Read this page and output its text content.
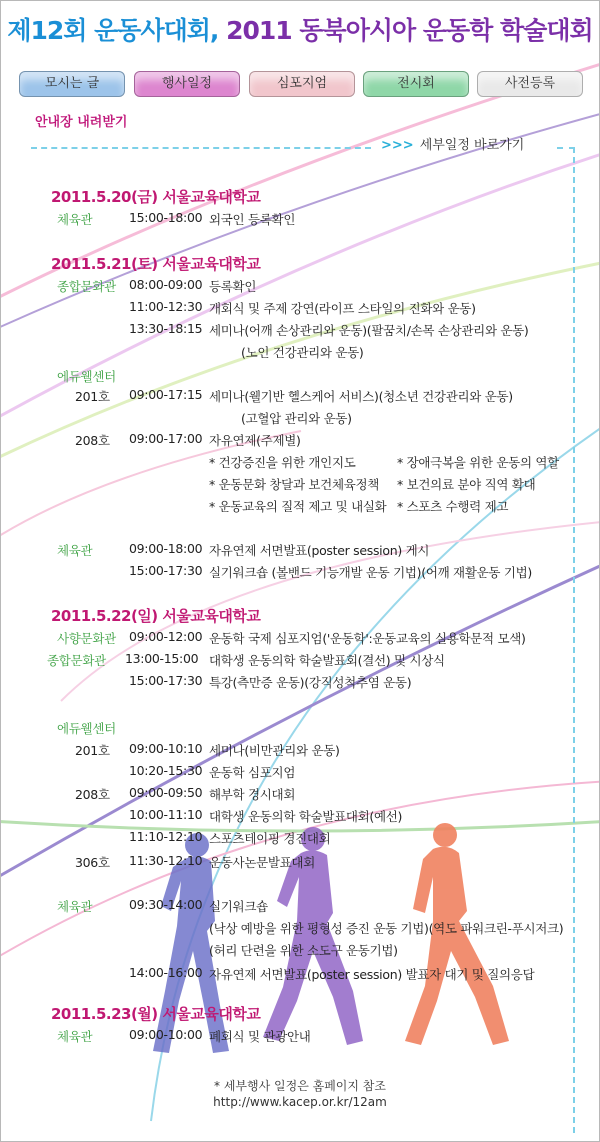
제12회 운동사대회, 2011 동북아시아 운동학 학술대회
모시는 글	행사일정	심포지엄	전시회	사전등록
안내장 내려받기
>>> 세부일정 바로가기
2011.5.20(금) 서울교육대학교
체육관	15:00-18:00 외국인 등록확인
2011.5.21(토) 서울교육대학교
종합문화관 08:00-09:00 등록확인
11:00-12:30 개회식 및 주제 강연(라이프 스타일의 진화와 운동)
13:30-18:15 세미나(어깨 손상관리와 운동)(팔꿈치/손목 손상관리와 운동)
(노인 건강관리와 운동)
에듀웰센터
201호 09:00-17:15 세미나(웰기반 헬스케어 서비스)(청소년 건강관리와 운동)
(고혈압 관리와 운동)
208호 09:00-17:00 자유연제(주제별)
* 건강증진을 위한 개인지도	* 장애극복을 위한 운동의 역할
* 운동문화 창달과 보건체육정책 * 보건의료 분야 직역 확대
* 운동교육의 질적 제고 및 내실화 * 스포츠 수행력 제고
체육관	09:00-18:00 자유연제 서면발표(poster session) 게시
15:00-17:30 실기워크숍 (볼밴드 기능개발 운동 기법)(어깨 재활운동 기법)
2011.5.22(일) 서울교육대학교
사향문화관 09:00-12:00 운동학 국제 심포지엄('운동학':운동교육의 실용학문적 모색)
종합문화관 13:00-15:00 대학생 운동의학 학술발표회(결선) 및 시상식
15:00-17:30 특강(측만증 운동)(강직성척추염 운동)
에듀웰센터
201호 09:00-10:10 세미나(비만관리와 운동)
10:20-15:30 운동학 심포지엄
208호 09:00-09:50 해부학 경시대회
10:00-11:10 대학생 운동의학 학술발표대회(예선)
11:10-12:10 스포츠테이핑 경진대회
306호 11:30-12:10 운동사논문발표대회
체육관	09:30-14:00 실기워크숍
(낙상 예방을 위한 평형성 증진 운동 기법)(역도 파워크린-푸시저크)
(허리 단련을 위한 소도구 운동기법)
14:00-16:00 자유연제 서면발표(poster session) 발표자 대기 및 질의응답
2011.5.23(월) 서울교육대학교
체육관	09:00-10:00 폐회식 및 관광안내
* 세부행사 일정은 홈페이지 참조
http://www.kacep.or.kr/12am
